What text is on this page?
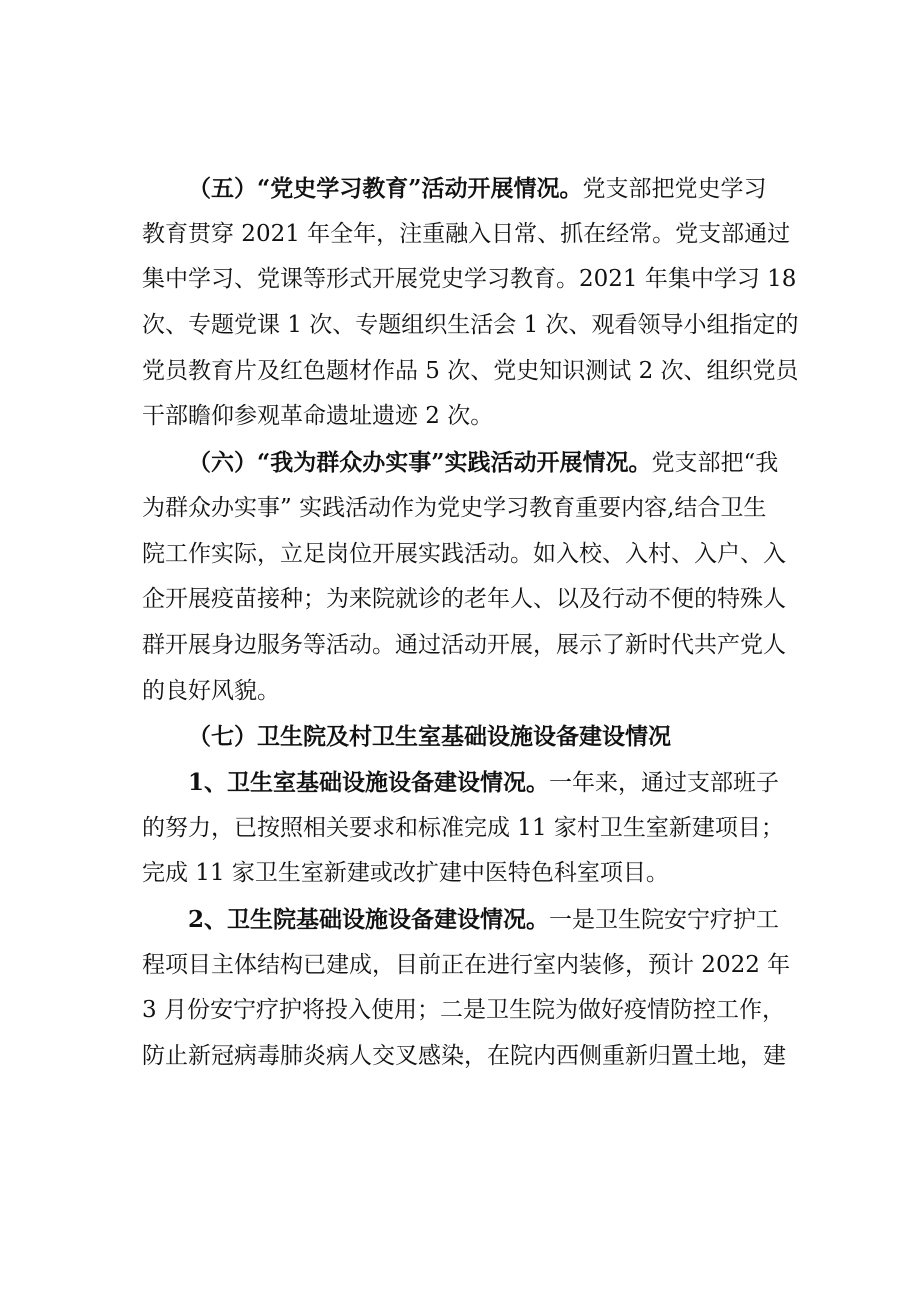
（五）“党史学习教育”活动开展情况。党支部把党史学习
教育贯穿 2021 年全年，注重融入日常、抓在经常。党支部通过
集中学习、党课等形式开展党史学习教育。2021 年集中学习 18
次、专题党课 1 次、专题组织生活会 1 次、观看领导小组指定的
党员教育片及红色题材作品 5 次、党史知识测试 2 次、组织党员
干部瞻仰参观革命遗址遗迹 2 次。
（六）“我为群众办实事”实践活动开展情况。党支部把“我
为群众办实事” 实践活动作为党史学习教育重要内容,结合卫生
院工作实际，立足岗位开展实践活动。如入校、入村、入户、入
企开展疫苗接种；为来院就诊的老年人、以及行动不便的特殊人
群开展身边服务等活动。通过活动开展，展示了新时代共产党人
的良好风貌。
（七）卫生院及村卫生室基础设施设备建设情况
1、卫生室基础设施设备建设情况。一年来，通过支部班子
的努力，已按照相关要求和标准完成 11 家村卫生室新建项目；
完成 11 家卫生室新建或改扩建中医特色科室项目。
2、卫生院基础设施设备建设情况。一是卫生院安宁疗护工
程项目主体结构已建成，目前正在进行室内装修，预计 2022 年
3 月份安宁疗护将投入使用；二是卫生院为做好疫情防控工作，
防止新冠病毒肺炎病人交叉感染，在院内西侧重新归置土地，建
